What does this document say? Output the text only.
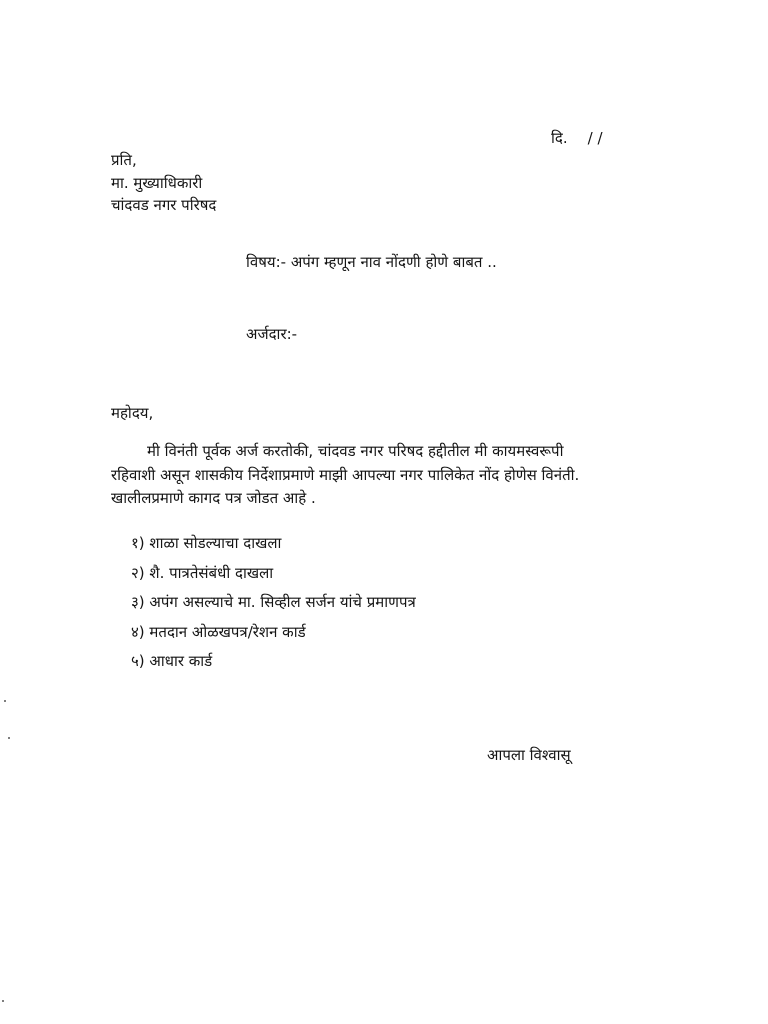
दि. / /
प्रति,
मा. मुख्याधिकारी
चांदवड नगर परिषद
विषय:- अपंग म्हणून नाव नोंदणी होणे बाबत ..
अर्जदार:-
महोदय,
मी विनंती पूर्वक अर्ज करतोकी, चांदवड नगर परिषद हद्दीतील मी कायमस्वरूपी
रहिवाशी असून शासकीय निर्देशाप्रमाणे माझी आपल्या नगर पालिकेत नोंद होणेस विनंती.
खालीलप्रमाणे कागद पत्र जोडत आहे .
१) शाळा सोडल्याचा दाखला
२) शै. पात्रतेसंबंधी दाखला
३) अपंग असल्याचे मा. सिव्हील सर्जन यांचे प्रमाणपत्र
४) मतदान ओळखपत्र/रेशन कार्ड
५) आधार कार्ड
आपला विश्वासू
